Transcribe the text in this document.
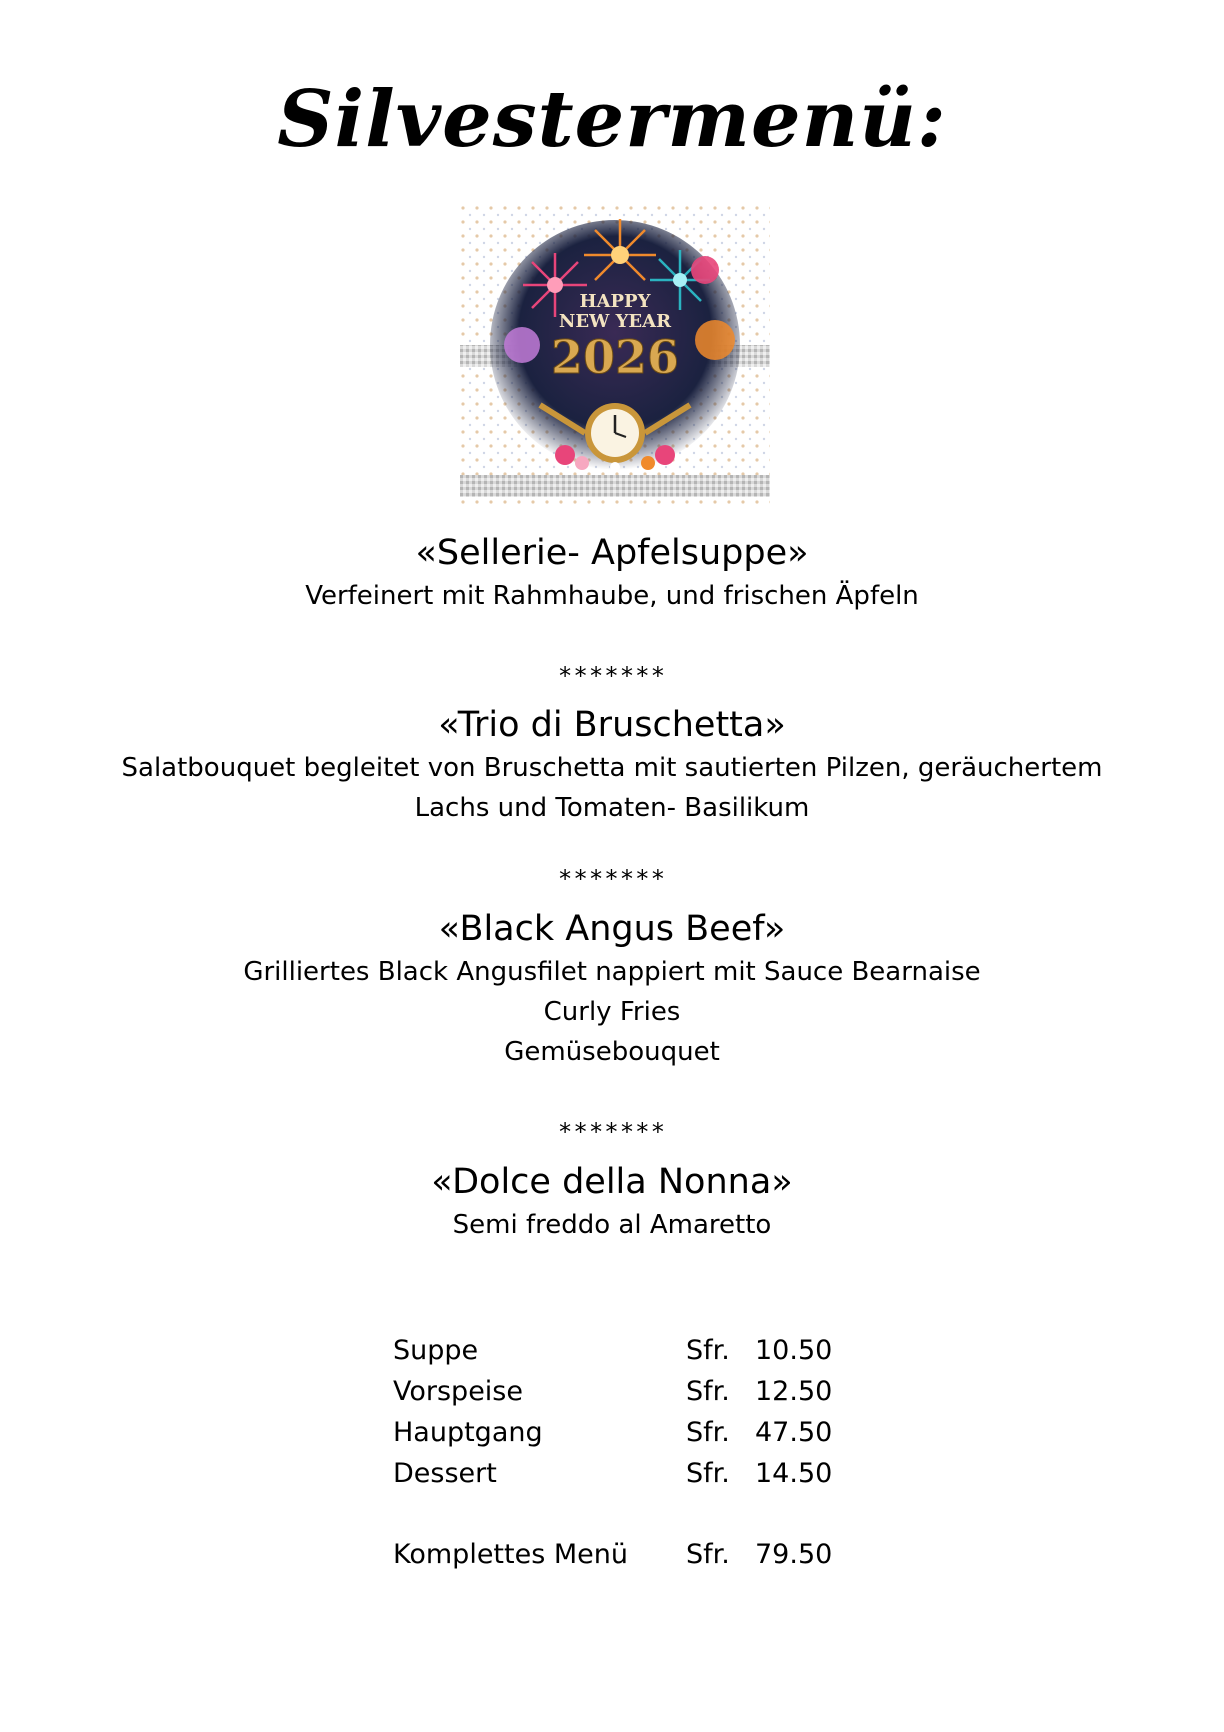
Silvestermenü:
HAPPY
NEW YEAR
2026
«Sellerie- Apfelsuppe»
Verfeinert mit Rahmhaube, und frischen Äpfeln
*******
«Trio di Bruschetta»
Salatbouquet begleitet von Bruschetta mit sautierten Pilzen, geräuchertem
Lachs und Tomaten- Basilikum
*******
«Black Angus Beef»
Grilliertes Black Angusfilet nappiert mit Sauce Bearnaise
Curly Fries
Gemüsebouquet
*******
«Dolce della Nonna»
Semi freddo al Amaretto
Suppe	Sfr. 10.50
Vorspeise	Sfr. 12.50
Hauptgang	Sfr. 47.50
Dessert	Sfr. 14.50
Komplettes Menü Sfr. 79.50
